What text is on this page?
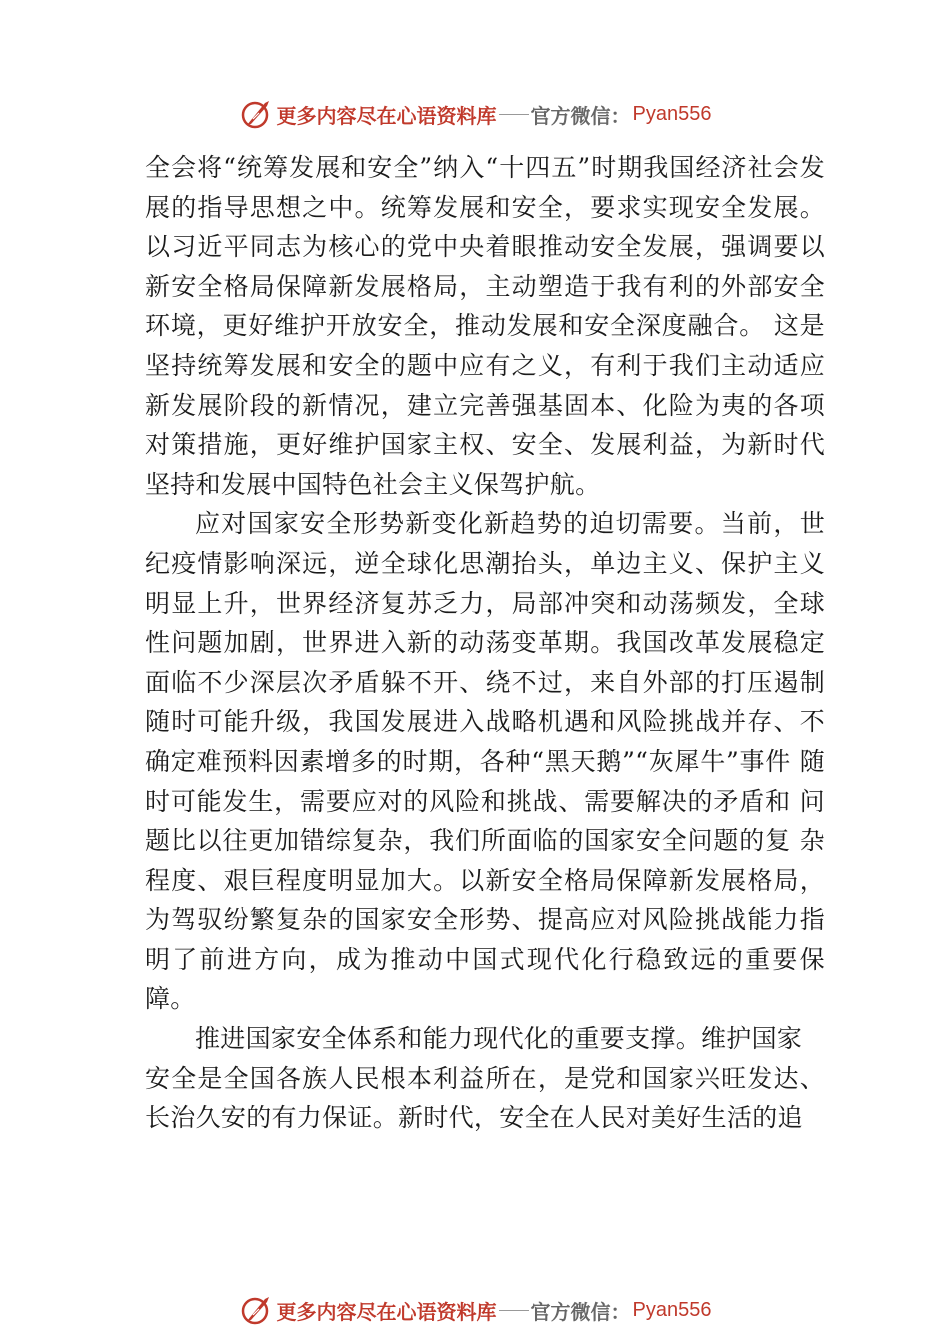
更多内容尽在心语资料库 官方微信： Pyan556

全会将“统筹发展和安全”纳入“十四五”时期我国经济社会发展的指导思想之中。统筹发展和安全，要求实现安全发展。以习近平同志为核心的党中央着眼推动安全发展，强调要以新安全格局保障新发展格局，主动塑造于我有利的外部安全环境，更好维护开放安全，推动发展和安全深度融合。 这是坚持统筹发展和安全的题中应有之义，有利于我们主动适应新发展阶段的新情况，建立完善强基固本、化险为夷的各项对策措施，更好维护国家主权、安全、发展利益，为新时代坚持和发展中国特色社会主义保驾护航。

应对国家安全形势新变化新趋势的迫切需要。当前，世纪疫情影响深远，逆全球化思潮抬头，单边主义、保护主义明显上升，世界经济复苏乏力，局部冲突和动荡频发，全球性问题加剧，世界进入新的动荡变革期。我国改革发展稳定面临不少深层次矛盾躲不开、绕不过，来自外部的打压遏制 随时可能升级，我国发展进入战略机遇和风险挑战并存、不确定难预料因素增多的时期，各种“黑天鹅”“灰犀牛”事件 随时可能发生，需要应对的风险和挑战、需要解决的矛盾和 问题比以往更加错综复杂，我们所面临的国家安全问题的复 杂程度、艰巨程度明显加大。以新安全格局保障新发展格局， 为驾驭纷繁复杂的国家安全形势、提高应对风险挑战能力指 明了前进方向，成为推动中国式现代化行稳致远的重要保障。

推进国家安全体系和能力现代化的重要支撑。维护国家

安全是全国各族人民根本利益所在，是党和国家兴旺发达、 长治久安的有力保证。新时代，安全在人民对美好生活的追

更多内容尽在心语资料库 官方微信： Pyan556
